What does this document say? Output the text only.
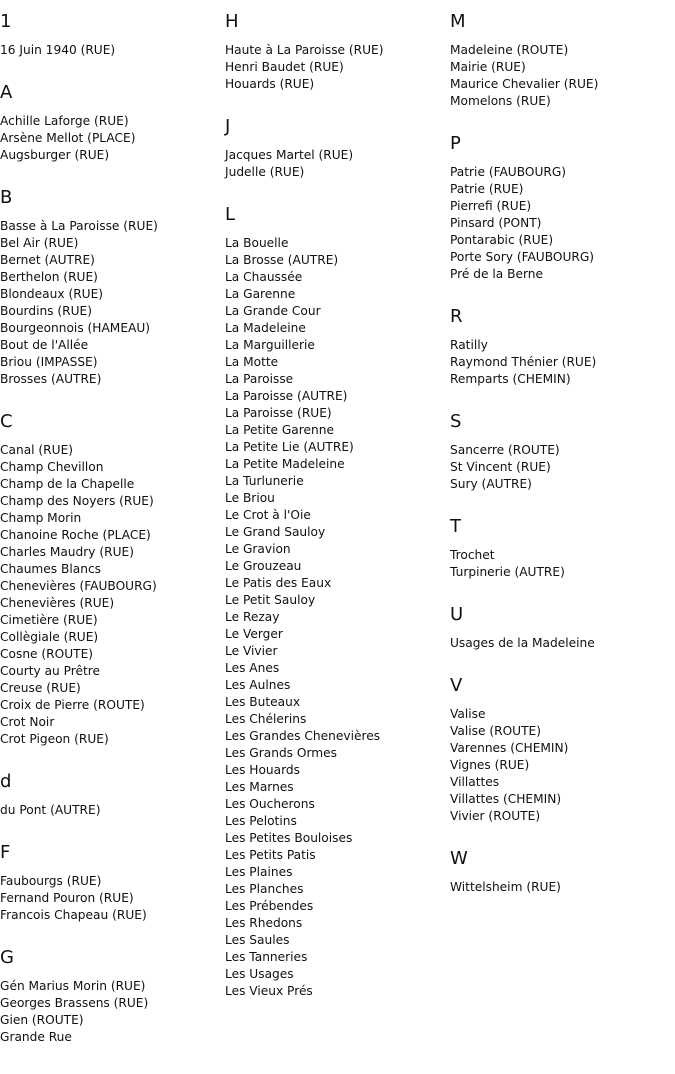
1
16 Juin 1940 (RUE)
A
Achille Laforge (RUE)
Arsène Mellot (PLACE)
Augsburger (RUE)
B
Basse à La Paroisse (RUE)
Bel Air (RUE)
Bernet (AUTRE)
Berthelon (RUE)
Blondeaux (RUE)
Bourdins (RUE)
Bourgeonnois (HAMEAU)
Bout de l'Allée
Briou (IMPASSE)
Brosses (AUTRE)
C
Canal (RUE)
Champ Chevillon
Champ de la Chapelle
Champ des Noyers (RUE)
Champ Morin
Chanoine Roche (PLACE)
Charles Maudry (RUE)
Chaumes Blancs
Chenevières (FAUBOURG)
Chenevières (RUE)
Cimetière (RUE)
Collègiale (RUE)
Cosne (ROUTE)
Courty au Prêtre
Creuse (RUE)
Croix de Pierre (ROUTE)
Crot Noir
Crot Pigeon (RUE)
d
du Pont (AUTRE)
F
Faubourgs (RUE)
Fernand Pouron (RUE)
Francois Chapeau (RUE)
G
Gén Marius Morin (RUE)
Georges Brassens (RUE)
Gien (ROUTE)
Grande Rue
H
Haute à La Paroisse (RUE)
Henri Baudet (RUE)
Houards (RUE)
J
Jacques Martel (RUE)
Judelle (RUE)
L
La Bouelle
La Brosse (AUTRE)
La Chaussée
La Garenne
La Grande Cour
La Madeleine
La Marguillerie
La Motte
La Paroisse
La Paroisse (AUTRE)
La Paroisse (RUE)
La Petite Garenne
La Petite Lie (AUTRE)
La Petite Madeleine
La Turlunerie
Le Briou
Le Crot à l'Oie
Le Grand Sauloy
Le Gravion
Le Grouzeau
Le Patis des Eaux
Le Petit Sauloy
Le Rezay
Le Verger
Le Vivier
Les Anes
Les Aulnes
Les Buteaux
Les Chélerins
Les Grandes Chenevières
Les Grands Ormes
Les Houards
Les Marnes
Les Oucherons
Les Pelotins
Les Petites Bouloises
Les Petits Patis
Les Plaines
Les Planches
Les Prébendes
Les Rhedons
Les Saules
Les Tanneries
Les Usages
Les Vieux Prés
M
Madeleine (ROUTE)
Mairie (RUE)
Maurice Chevalier (RUE)
Momelons (RUE)
P
Patrie (FAUBOURG)
Patrie (RUE)
Pierrefi (RUE)
Pinsard (PONT)
Pontarabic (RUE)
Porte Sory (FAUBOURG)
Pré de la Berne
R
Ratilly
Raymond Thénier (RUE)
Remparts (CHEMIN)
S
Sancerre (ROUTE)
St Vincent (RUE)
Sury (AUTRE)
T
Trochet
Turpinerie (AUTRE)
U
Usages de la Madeleine
V
Valise
Valise (ROUTE)
Varennes (CHEMIN)
Vignes (RUE)
Villattes
Villattes (CHEMIN)
Vivier (ROUTE)
W
Wittelsheim (RUE)
